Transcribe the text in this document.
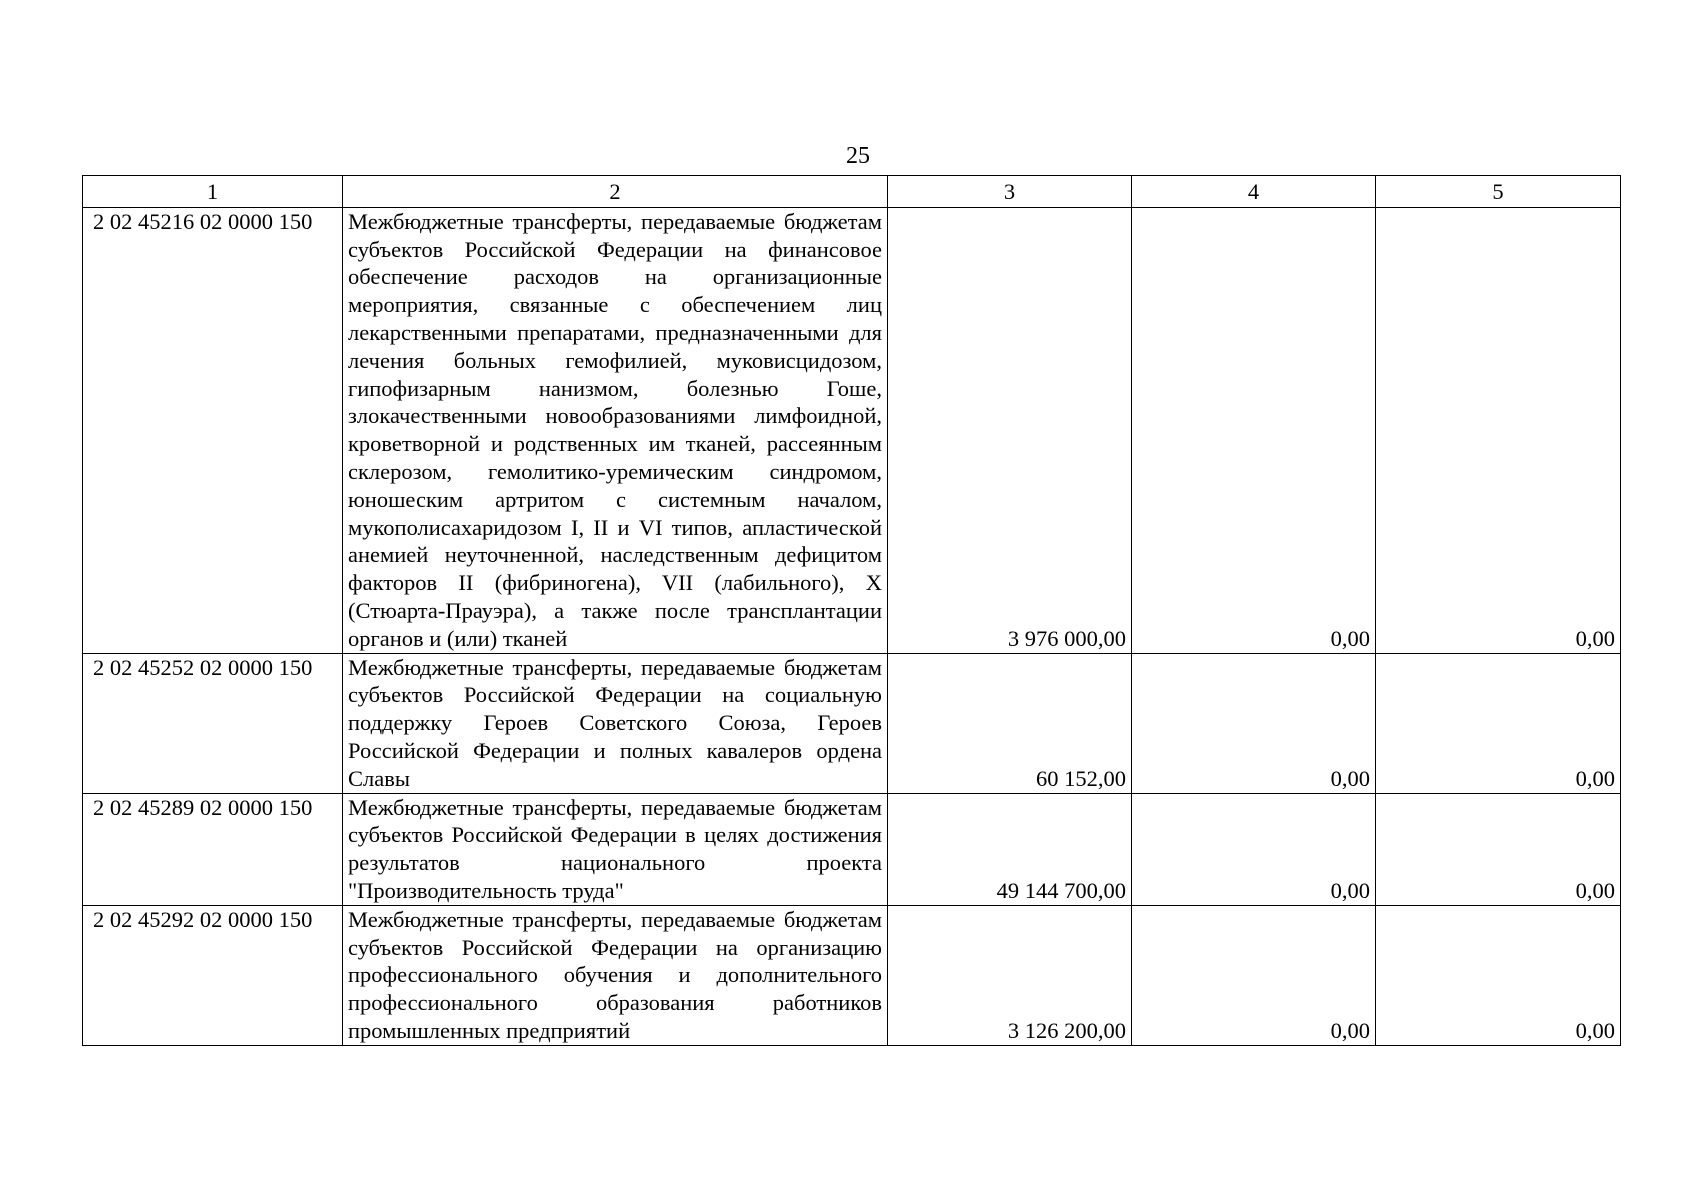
25
1	2	3	4	5
2 02 45216 02 0000 150	Межбюджетные трансферты, передаваемые бюджетам субъектов Российской Федерации на финансовое обеспечение расходов на организационные мероприятия, связанные с обеспечением лиц лекарственными препаратами, предназначенными для лечения больных гемофилией, муковисцидозом, гипофизарным нанизмом, болезнью Гоше, злокачественными новообразованиями лимфоидной, кроветворной и родственных им тканей, рассеянным склерозом, гемолитико-уремическим синдромом, юношеским артритом с системным началом, мукополисахаридозом I, II и VI типов, апластической анемией неуточненной, наследственным дефицитом факторов II (фибриногена), VII (лабильного), X (Стюарта-Прауэра), а также после трансплантации органов и (или) тканей	3 976 000,00	0,00	0,00
2 02 45252 02 0000 150	Межбюджетные трансферты, передаваемые бюджетам субъектов Российской Федерации на социальную поддержку Героев Советского Союза, Героев Российской Федерации и полных кавалеров ордена Славы	60 152,00	0,00	0,00
2 02 45289 02 0000 150	Межбюджетные трансферты, передаваемые бюджетам субъектов Российской Федерации в целях достижения результатов национального проекта "Производительность труда"	49 144 700,00	0,00	0,00
2 02 45292 02 0000 150	Межбюджетные трансферты, передаваемые бюджетам субъектов Российской Федерации на организацию профессионального обучения и дополнительного профессионального образования работников промышленных предприятий	3 126 200,00	0,00	0,00
